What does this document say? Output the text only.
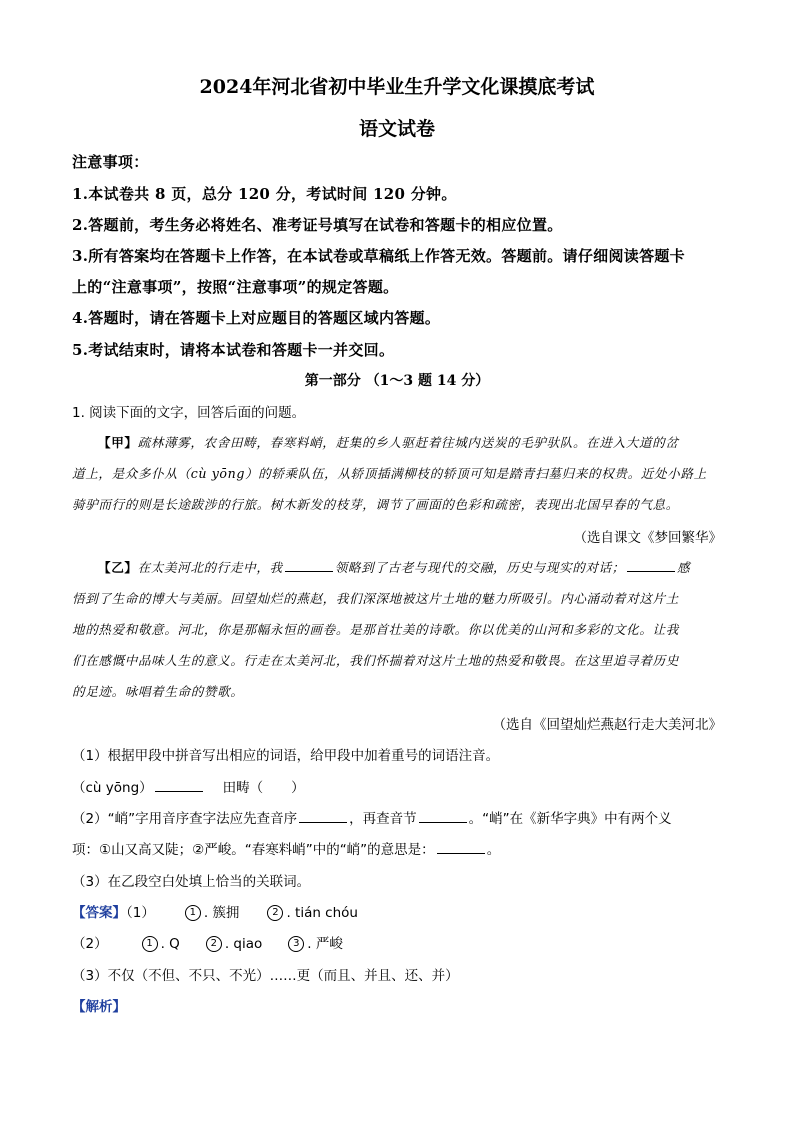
2024年河北省初中毕业生升学文化课摸底考试
语文试卷
注意事项：
1.本试卷共 8 页，总分 120 分，考试时间 120 分钟。
2.答题前，考生务必将姓名、准考证号填写在试卷和答题卡的相应位置。
3.所有答案均在答题卡上作答，在本试卷或草稿纸上作答无效。答题前。请仔细阅读答题卡
上的“注意事项”，按照“注意事项”的规定答题。
4.答题时，请在答题卡上对应题目的答题区域内答题。
5.考试结束时，请将本试卷和答题卡一并交回。
第一部分 （1～3 题 14 分）
1. 阅读下面的文字，回答后面的问题。
【甲】疏林薄雾，农舍田畴，春寒料峭，赶集的乡人驱赶着往城内送炭的毛驴驮队。在进入大道的岔
道上，是众多仆从（cù yōng）的轿乘队伍，从轿顶插满柳枝的轿顶可知是踏青扫墓归来的权贵。近处小路上
骑驴而行的则是长途跋涉的行旅。树木新发的枝芽，调节了画面的色彩和疏密，表现出北国早春的气息。
（选自课文《梦回繁华》
【乙】在太美河北的行走中，我	领略到了古老与现代的交融，历史与现实的对话；	感
悟到了生命的博大与美丽。回望灿烂的燕赵，我们深深地被这片土地的魅力所吸引。内心涌动着对这片土
地的热爱和敬意。河北，你是那幅永恒的画卷。是那首壮美的诗歌。你以优美的山河和多彩的文化。让我
们在感慨中品味人生的意义。行走在太美河北，我们怀揣着对这片土地的热爱和敬畏。在这里追寻着历史
的足迹。咏唱着生命的赞歌。
（选自《回望灿烂燕赵行走大美河北》
（1）根据甲段中拼音写出相应的词语，给甲段中加着重号的词语注音。
（cù yōng）	田畴（ ）
（2）“峭”字用音序查字法应先查音序	，再查音节	。“峭”在《新华字典》中有两个义
项：①山又高又陡；②严峻。“春寒料峭”中的“峭”的意思是：	。
（3）在乙段空白处填上恰当的关联词。
【答案】（1）	1 . 簇拥	2 . tián chóu
（2）	1 . Q	2 . qiao	3 . 严峻
（3）不仅（不但、不只、不光）……更（而且、并且、还、并）
【解析】
